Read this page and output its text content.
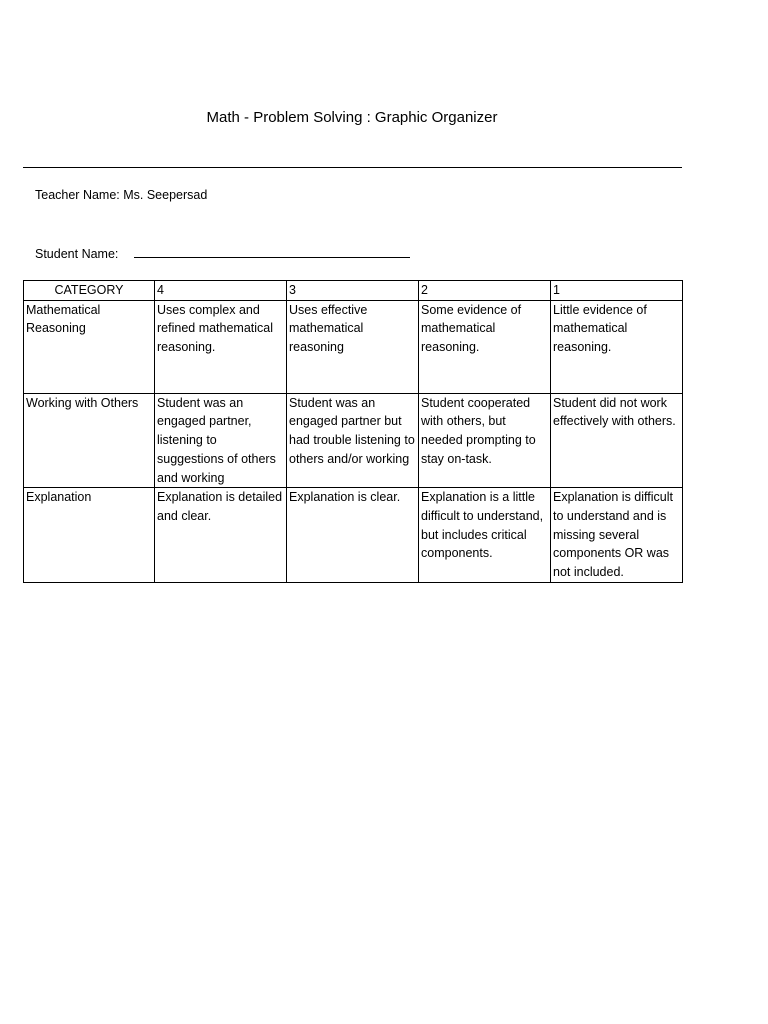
Math - Problem Solving : Graphic Organizer
Teacher Name: Ms. Seepersad
Student Name:
CATEGORY	4	3	2	1
Mathematical Reasoning	Uses complex and refined mathematical reasoning.	Uses effective mathematical reasoning	Some evidence of mathematical reasoning.	Little evidence of mathematical reasoning.
Working with Others	Student was an engaged partner, listening to suggestions of others and working	Student was an engaged partner but had trouble listening to others and/or working	Student cooperated with others, but needed prompting to stay on-task.	Student did not work effectively with others.
Explanation	Explanation is detailed and clear.	Explanation is clear.	Explanation is a little difficult to understand, but includes critical components.	Explanation is difficult to understand and is missing several components OR was not included.
